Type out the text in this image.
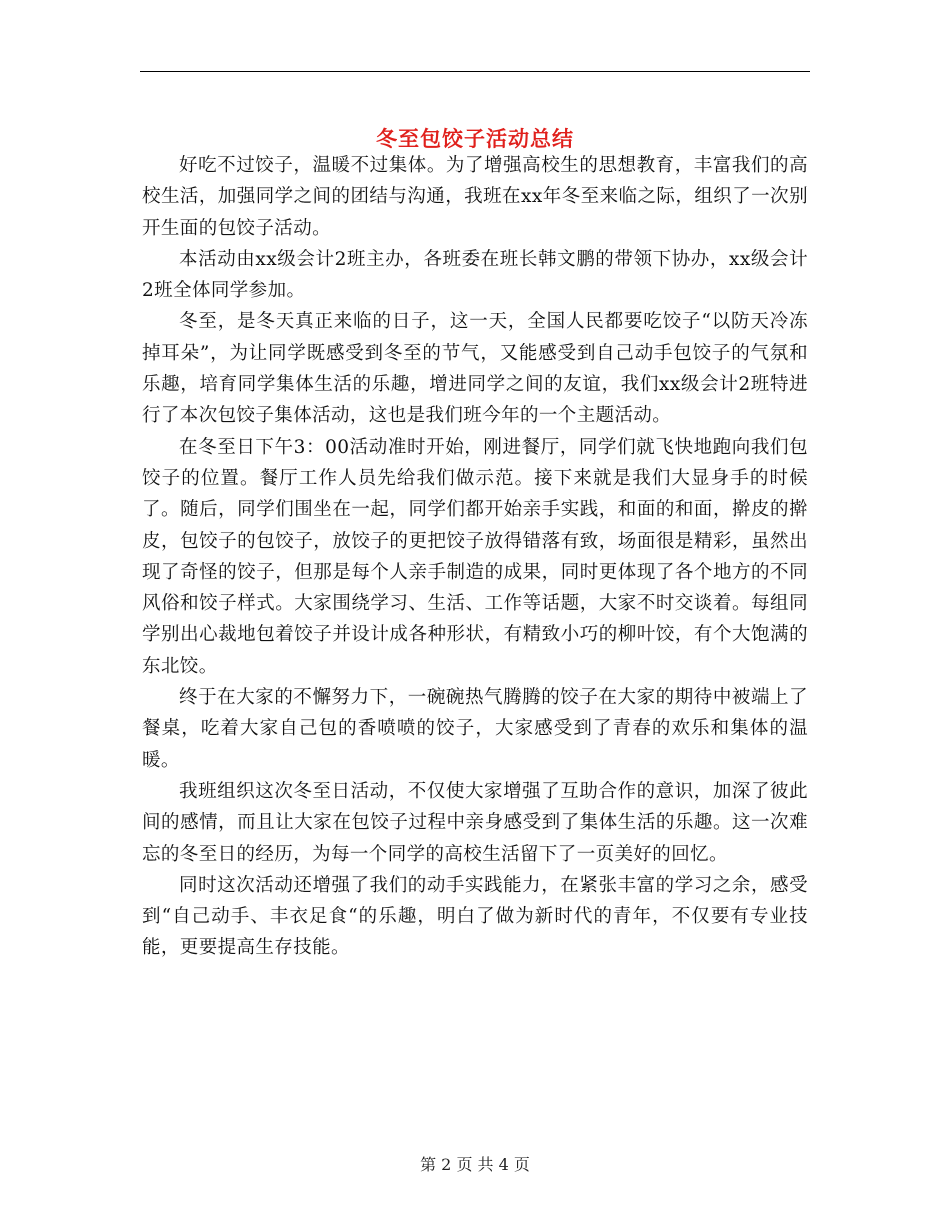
冬至包饺子活动总结

好吃不过饺子，温暖不过集体。为了增强高校生的思想教育，丰富我们的高校生活，加强同学之间的团结与沟通，我班在xx年冬至来临之际，组织了一次别开生面的包饺子活动。

本活动由xx级会计2班主办，各班委在班长韩文鹏的带领下协办，xx级会计2班全体同学参加。

冬至，是冬天真正来临的日子，这一天，全国人民都要吃饺子“以防天冷冻掉耳朵”，为让同学既感受到冬至的节气，又能感受到自己动手包饺子的气氛和乐趣，培育同学集体生活的乐趣，增进同学之间的友谊，我们xx级会计2班特进行了本次包饺子集体活动，这也是我们班今年的一个主题活动。

在冬至日下午3：00活动准时开始，刚进餐厅，同学们就飞快地跑向我们包饺子的位置。餐厅工作人员先给我们做示范。接下来就是我们大显身手的时候了。随后，同学们围坐在一起，同学们都开始亲手实践，和面的和面，擀皮的擀皮，包饺子的包饺子，放饺子的更把饺子放得错落有致，场面很是精彩，虽然出现了奇怪的饺子，但那是每个人亲手制造的成果，同时更体现了各个地方的不同风俗和饺子样式。大家围绕学习、生活、工作等话题，大家不时交谈着。每组同学别出心裁地包着饺子并设计成各种形状，有精致小巧的柳叶饺，有个大饱满的东北饺。

终于在大家的不懈努力下，一碗碗热气腾腾的饺子在大家的期待中被端上了餐桌，吃着大家自己包的香喷喷的饺子，大家感受到了青春的欢乐和集体的温暖。

我班组织这次冬至日活动，不仅使大家增强了互助合作的意识，加深了彼此间的感情，而且让大家在包饺子过程中亲身感受到了集体生活的乐趣。这一次难忘的冬至日的经历，为每一个同学的高校生活留下了一页美好的回忆。

同时这次活动还增强了我们的动手实践能力，在紧张丰富的学习之余，感受到“自己动手、丰衣足食“的乐趣，明白了做为新时代的青年，不仅要有专业技能，更要提高生存技能。

第 2 页 共 4 页
